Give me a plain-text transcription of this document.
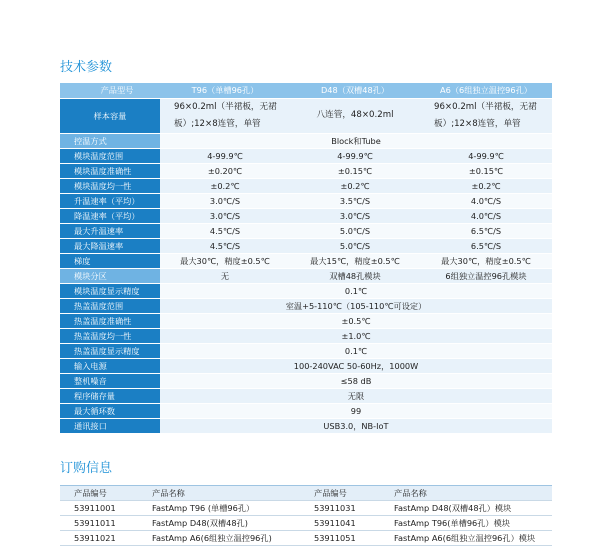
技术参数
产品型号	T96（单槽96孔）	D48（双槽48孔）	A6（6组独立温控96孔）
样本容量	96×0.2ml（半裙板，无裙板）;12×8连管，单管	八连管，48×0.2ml	96×0.2ml（半裙板，无裙板）;12×8连管，单管
控温方式	Block和Tube		
模块温度范围	4-99.9℃	4-99.9℃	4-99.9℃
模块温度准确性	±0.20℃	±0.15℃	±0.15℃
模块温度均一性	±0.2℃	±0.2℃	±0.2℃
升温速率（平均）	3.0℃/S	3.5℃/S	4.0℃/S
降温速率（平均）	3.0℃/S	3.0℃/S	4.0℃/S
最大升温速率	4.5℃/S	5.0℃/S	6.5℃/S
最大降温速率	4.5℃/S	5.0℃/S	6.5℃/S
梯度	最大30℃，精度±0.5℃	最大15℃，精度±0.5℃	最大30℃，精度±0.5℃
模块分区	无	双槽48孔模块	6组独立温控96孔模块
模块温度显示精度	0.1℃		
热盖温度范围	室温+5-110℃（105-110℃可设定）		
热盖温度准确性	±0.5℃		
热盖温度均一性	±1.0℃		
热盖温度显示精度	0.1℃		
输入电源	100-240VAC 50-60Hz，1000W		
整机噪音	≤58 dB		
程序储存量	无限		
最大循环数	99		
通讯接口	USB3.0，NB-IoT		
订购信息
产品编号	产品名称	产品编号	产品名称
53911001	FastAmp T96 (单槽96孔）	53911031	FastAmp D48(双槽48孔）模块
53911011	FastAmp D48(双槽48孔)	53911041	FastAmp T96(单槽96孔）模块
53911021	FastAmp A6(6组独立温控96孔)	53911051	FastAmp A6(6组独立温控96孔）模块
